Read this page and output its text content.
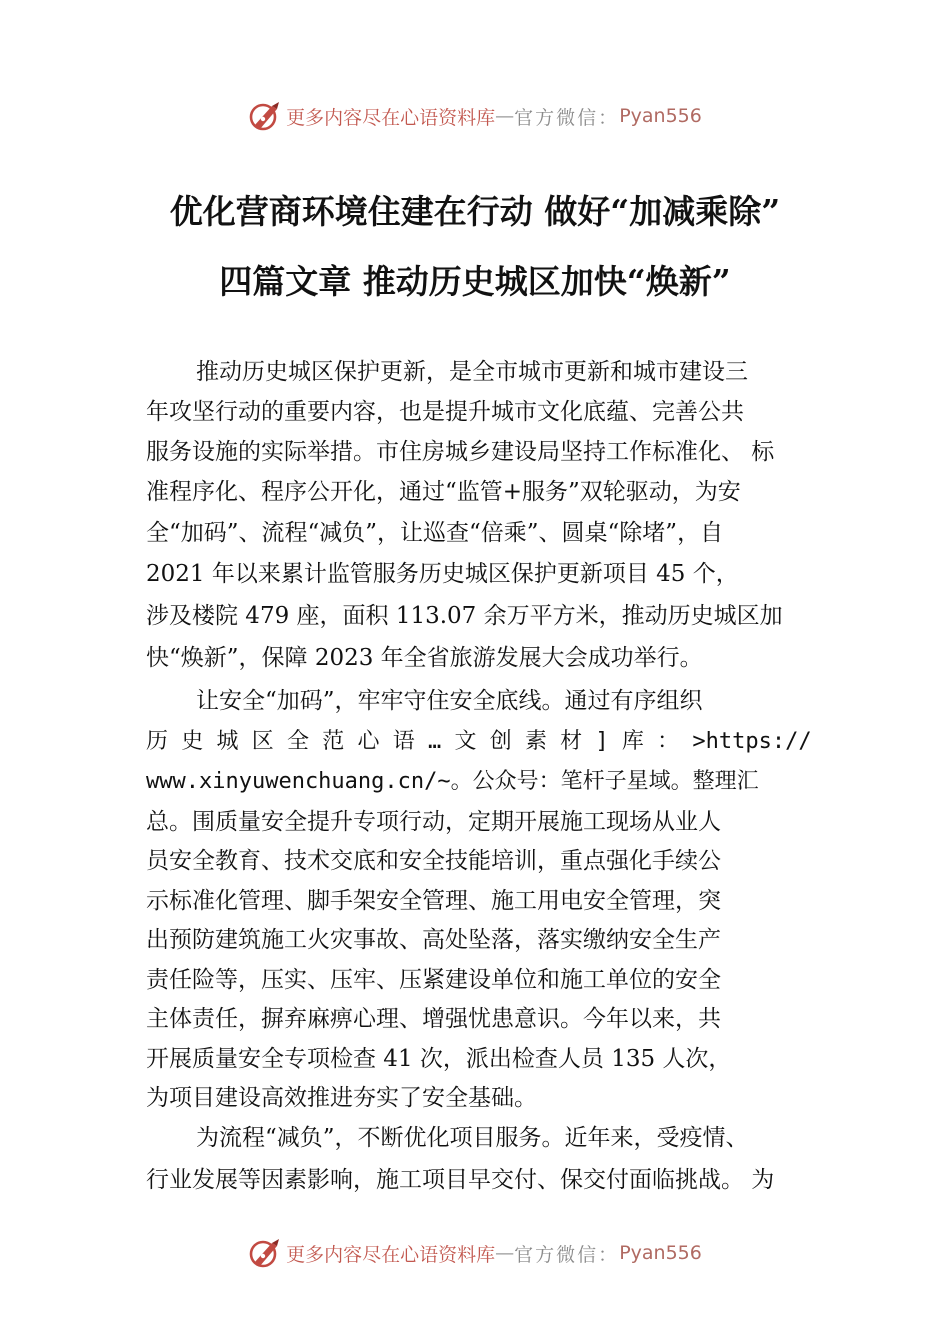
更多内容尽在心语资料库 — 官方微信： Pyan556
优化营商环境住建在行动 做好“加减乘除”
四篇文章 推动历史城区加快“焕新”
推动历史城区保护更新，是全市城市更新和城市建设三
年攻坚行动的重要内容，也是提升城市文化底蕴、完善公共
服务设施的实际举措。市住房城乡建设局坚持工作标准化、 标
准程序化、程序公开化，通过“监管+服务”双轮驱动，为安
全“加码”、流程“减负”，让巡查“倍乘”、圆桌“除堵”，自
2021 年以来累计监管服务历史城区保护更新项目 45 个，
涉及楼院 479 座，面积 113.07 余万平方米，推动历史城区加
快“焕新”，保障 2023 年全省旅游发展大会成功举行。
让安全“加码”，牢牢守住安全底线。通过有序组织
历 史 城 区 全 范 心 语 … 文 创 素 材 ] 库 ： >https://
www.xinyuwenchuang.cn/~。公众号：笔杆子星域。整理汇
总。围质量安全提升专项行动，定期开展施工现场从业人
员安全教育、技术交底和安全技能培训，重点强化手续公
示标准化管理、脚手架安全管理、施工用电安全管理，突
出预防建筑施工火灾事故、高处坠落，落实缴纳安全生产
责任险等，压实、压牢、压紧建设单位和施工单位的安全
主体责任，摒弃麻痹心理、增强忧患意识。今年以来，共
开展质量安全专项检查 41 次，派出检查人员 135 人次，
为项目建设高效推进夯实了安全基础。
为流程“减负”，不断优化项目服务。近年来，受疫情、
行业发展等因素影响，施工项目早交付、保交付面临挑战。 为
更多内容尽在心语资料库 — 官方微信： Pyan556
